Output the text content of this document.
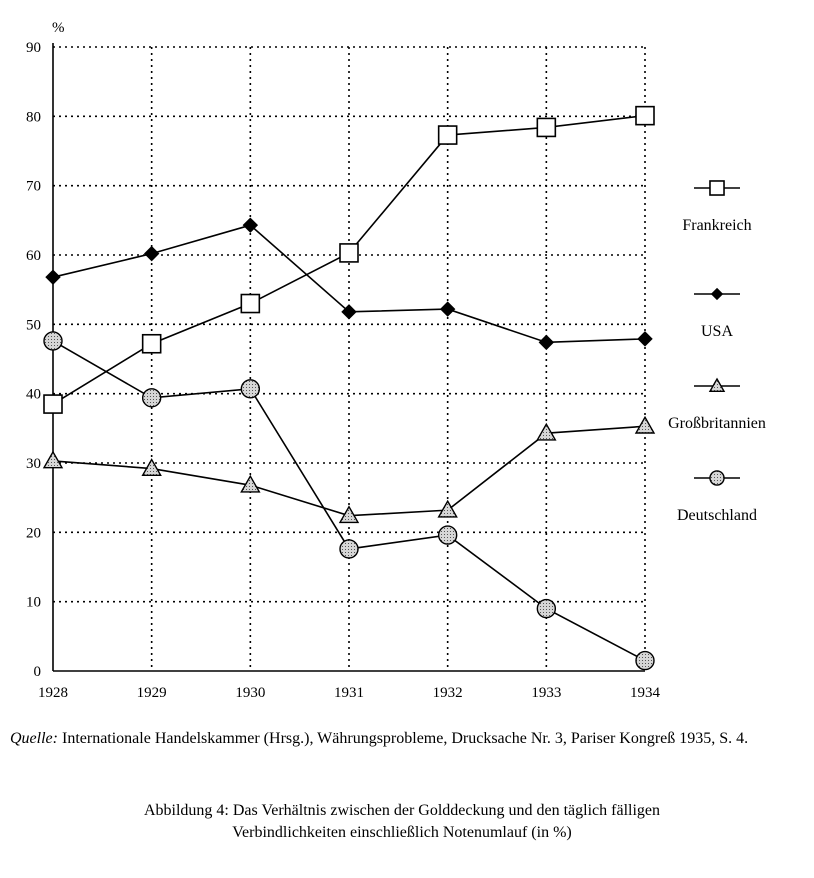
0
10
20
30
40
50
60
70
80
90
1928	1929	1930	1931	1932	1933	1934
%
Frankreich
USA
Großbritannien
Deutschland
Quelle: Internationale Handelskammer (Hrsg.), Währungsprobleme, Drucksache Nr. 3, Pariser Kongreß 1935, S. 4.
Abbildung 4: Das Verhältnis zwischen der Golddeckung und den täglich fälligen
Verbindlichkeiten einschließlich Notenumlauf (in %)
